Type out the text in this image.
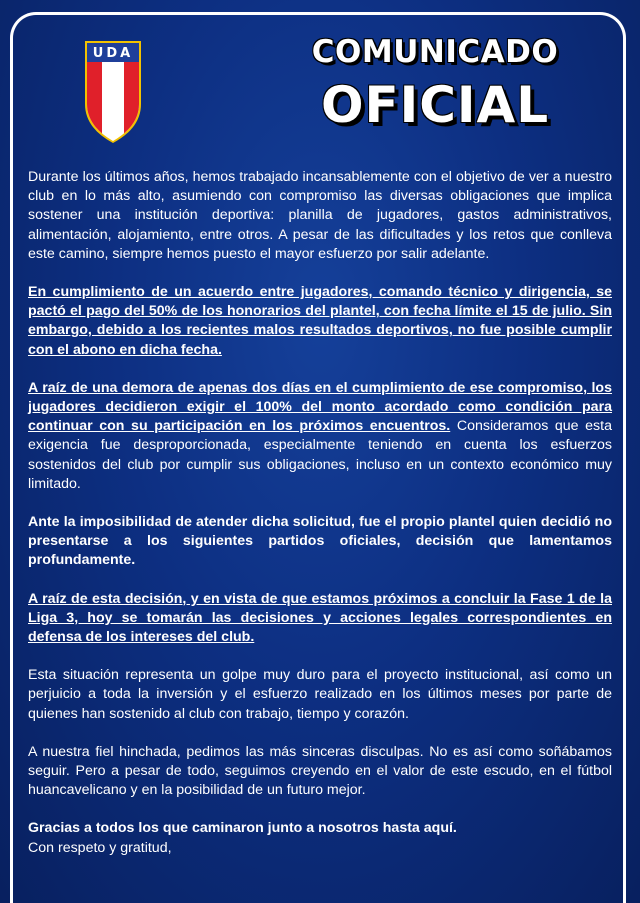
UDA	COMUNICADO
OFICIAL

Durante los últimos años, hemos trabajado incansablemente con el objetivo de ver a nuestro club en lo más alto, asumiendo con compromiso las diversas obligaciones que implica sostener una institución deportiva: planilla de jugadores, gastos administrativos, alimentación, alojamiento, entre otros. A pesar de las dificultades y los retos que conlleva este camino, siempre hemos puesto el mayor esfuerzo por salir adelante.

En cumplimiento de un acuerdo entre jugadores, comando técnico y dirigencia, se pactó el pago del 50% de los honorarios del plantel, con fecha límite el 15 de julio. Sin embargo, debido a los recientes malos resultados deportivos, no fue posible cumplir con el abono en dicha fecha.

A raíz de una demora de apenas dos días en el cumplimiento de ese compromiso, los jugadores decidieron exigir el 100% del monto acordado como condición para continuar con su participación en los próximos encuentros. Consideramos que esta exigencia fue desproporcionada, especialmente teniendo en cuenta los esfuerzos sostenidos del club por cumplir sus obligaciones, incluso en un contexto económico muy limitado.

Ante la imposibilidad de atender dicha solicitud, fue el propio plantel quien decidió no presentarse a los siguientes partidos oficiales, decisión que lamentamos profundamente.

A raíz de esta decisión, y en vista de que estamos próximos a concluir la Fase 1 de la Liga 3, hoy se tomarán las decisiones y acciones legales correspondientes en defensa de los intereses del club.

Esta situación representa un golpe muy duro para el proyecto institucional, así como un perjuicio a toda la inversión y el esfuerzo realizado en los últimos meses por parte de quienes han sostenido al club con trabajo, tiempo y corazón.

A nuestra fiel hinchada, pedimos las más sinceras disculpas. No es así como soñábamos seguir. Pero a pesar de todo, seguimos creyendo en el valor de este escudo, en el fútbol huancavelicano y en la posibilidad de un futuro mejor.

Gracias a todos los que caminaron junto a nosotros hasta aquí.

Con respeto y gratitud,
